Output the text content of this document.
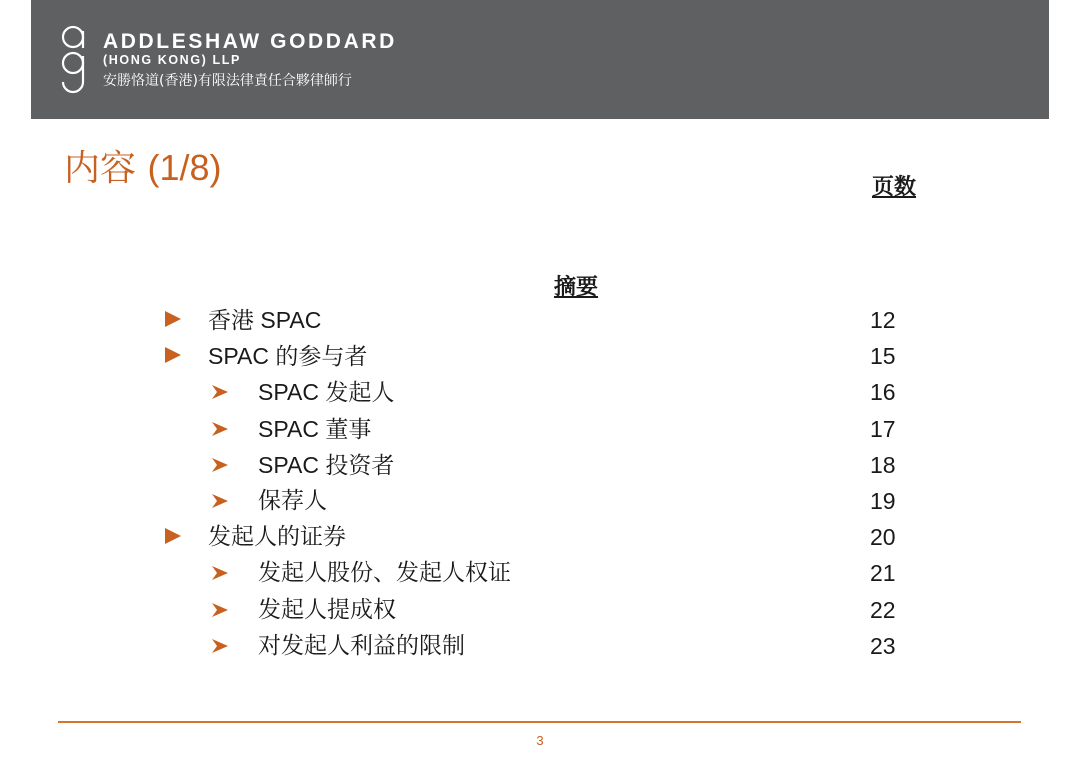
ADDLESHAW GODDARD
(HONG KONG) LLP
安勝恪道(香港)有限法律責任合夥律師行
内容 (1/8)	页数
摘要
香港 SPAC	12
SPAC 的参与者	15
SPAC 发起人	16
SPAC 董事	17
SPAC 投资者	18
保荐人	19
发起人的证券	20
发起人股份、发起人权证	21
发起人提成权	22
对发起人利益的限制	23
3
